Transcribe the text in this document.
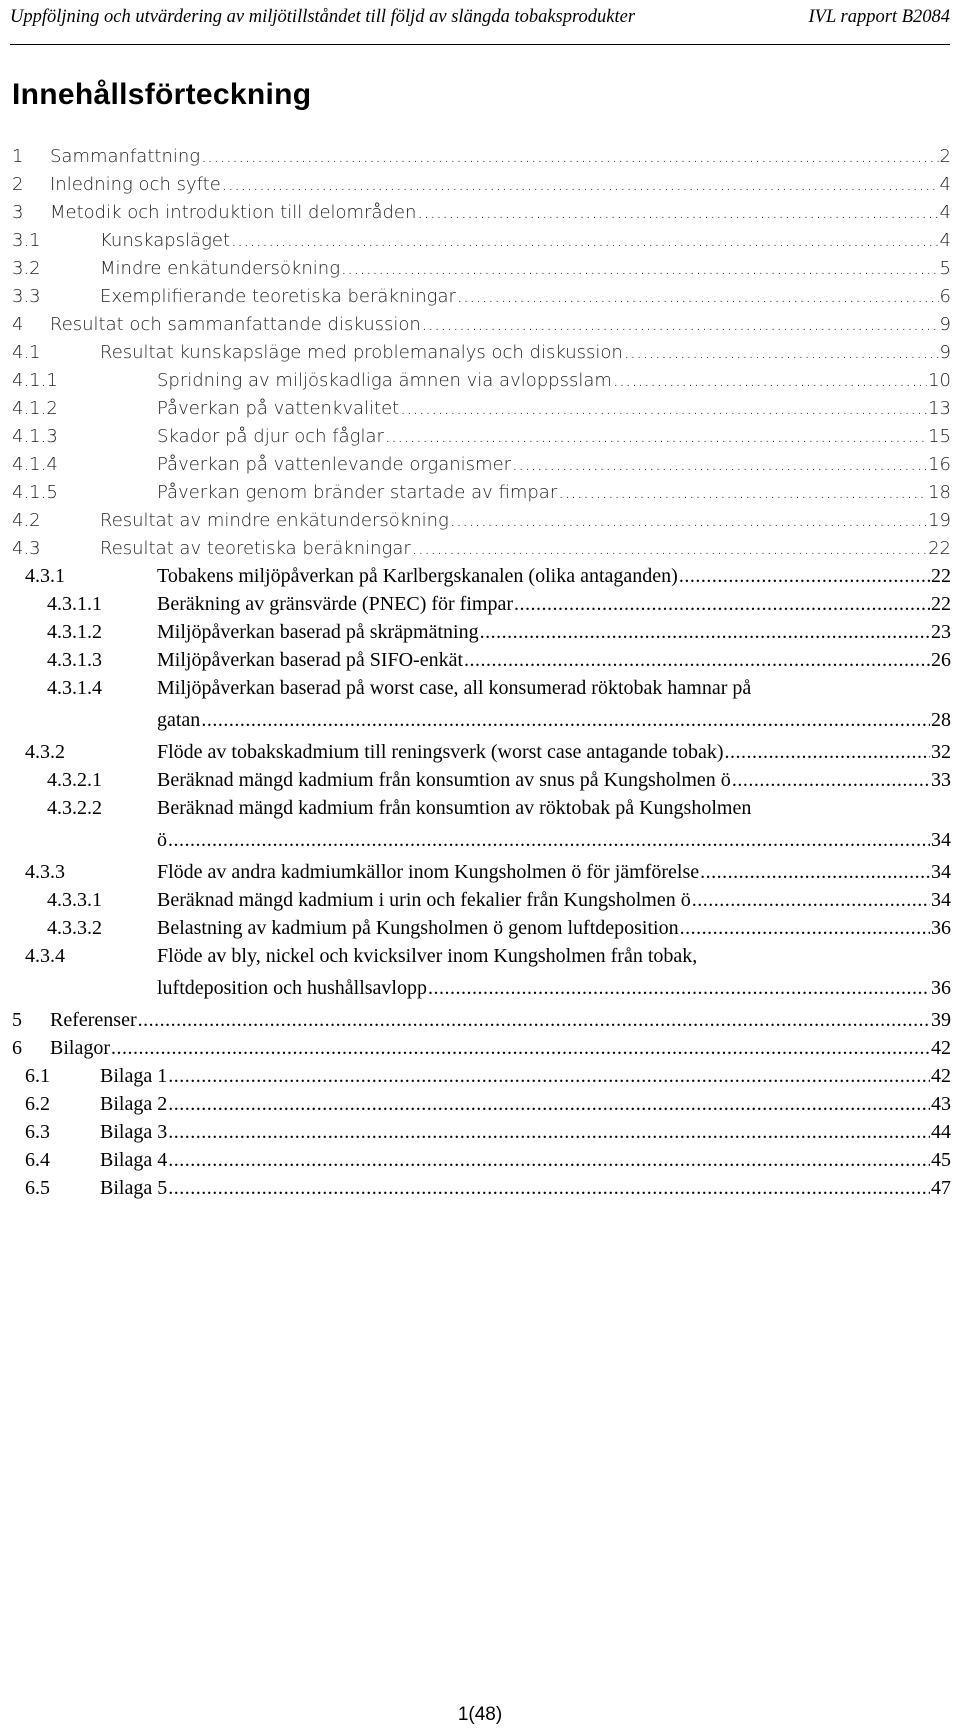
Uppföljning och utvärdering av miljötillståndet till följd av slängda tobaksprodukter	IVL rapport B2084
Innehållsförteckning
1 Sammanfattning .....	2
2 Inledning och syfte .....	4
3 Metodik och introduktion till delområden .....	4
3.1	Kunskapsläget .....	4
3.2	Mindre enkätundersökning .....	5
3.3	Exemplifierande teoretiska beräkningar .....	6
4 Resultat och sammanfattande diskussion .....	9
4.1	Resultat kunskapsläge med problemanalys och diskussion .....	9
4.1.1	Spridning av miljöskadliga ämnen via avloppsslam .....	10
4.1.2	Påverkan på vattenkvalitet .....	13
4.1.3	Skador på djur och fåglar .....	15
4.1.4	Påverkan på vattenlevande organismer .....	16
4.1.5	Påverkan genom bränder startade av fimpar .....	18
4.2	Resultat av mindre enkätundersökning .....	19
4.3	Resultat av teoretiska beräkningar .....	22
4.3.1	Tobakens miljöpåverkan på Karlbergskanalen (olika antaganden) .....	22
4.3.1.1	Beräkning av gränsvärde (PNEC) för fimpar .....	22
4.3.1.2	Miljöpåverkan baserad på skräpmätning .....	23
4.3.1.3	Miljöpåverkan baserad på SIFO-enkät .....	26
4.3.1.4	Miljöpåverkan baserad på worst case, all konsumerad röktobak hamnar på
gatan .....	28
4.3.2	Flöde av tobakskadmium till reningsverk (worst case antagande tobak) .....	32
4.3.2.1	Beräknad mängd kadmium från konsumtion av snus på Kungsholmen ö .....	33
4.3.2.2	Beräknad mängd kadmium från konsumtion av röktobak på Kungsholmen
ö .....	34
4.3.3	Flöde av andra kadmiumkällor inom Kungsholmen ö för jämförelse .....	34
4.3.3.1	Beräknad mängd kadmium i urin och fekalier från Kungsholmen ö .....	34
4.3.3.2	Belastning av kadmium på Kungsholmen ö genom luftdeposition .....	36
4.3.4	Flöde av bly, nickel och kvicksilver inom Kungsholmen från tobak,
luftdeposition och hushållsavlopp .....	36
5 Referenser .....	39
6 Bilagor .....	42
6.1	Bilaga 1 .....	42
6.2	Bilaga 2 .....	43
6.3	Bilaga 3 .....	44
6.4	Bilaga 4 .....	45
6.5	Bilaga 5 .....	47
1(48)
